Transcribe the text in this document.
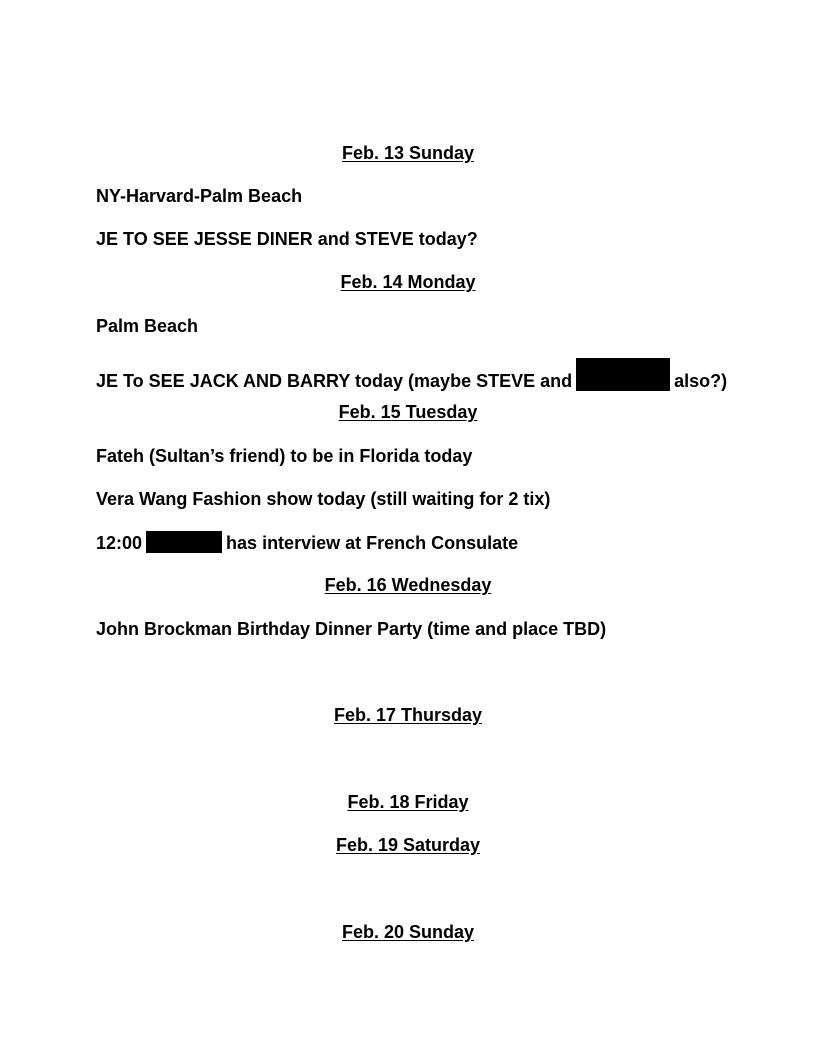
Feb. 13 Sunday
NY-Harvard-Palm Beach
JE TO SEE JESSE DINER and STEVE today?
Feb. 14 Monday
Palm Beach
JE To SEE JACK AND BARRY today (maybe STEVE and	also?)
Feb. 15 Tuesday
Fateh (Sultan’s friend) to be in Florida today
Vera Wang Fashion show today (still waiting for 2 tix)
12:00	has interview at French Consulate
Feb. 16 Wednesday
John Brockman Birthday Dinner Party (time and place TBD)
Feb. 17 Thursday
Feb. 18 Friday
Feb. 19 Saturday
Feb. 20 Sunday
